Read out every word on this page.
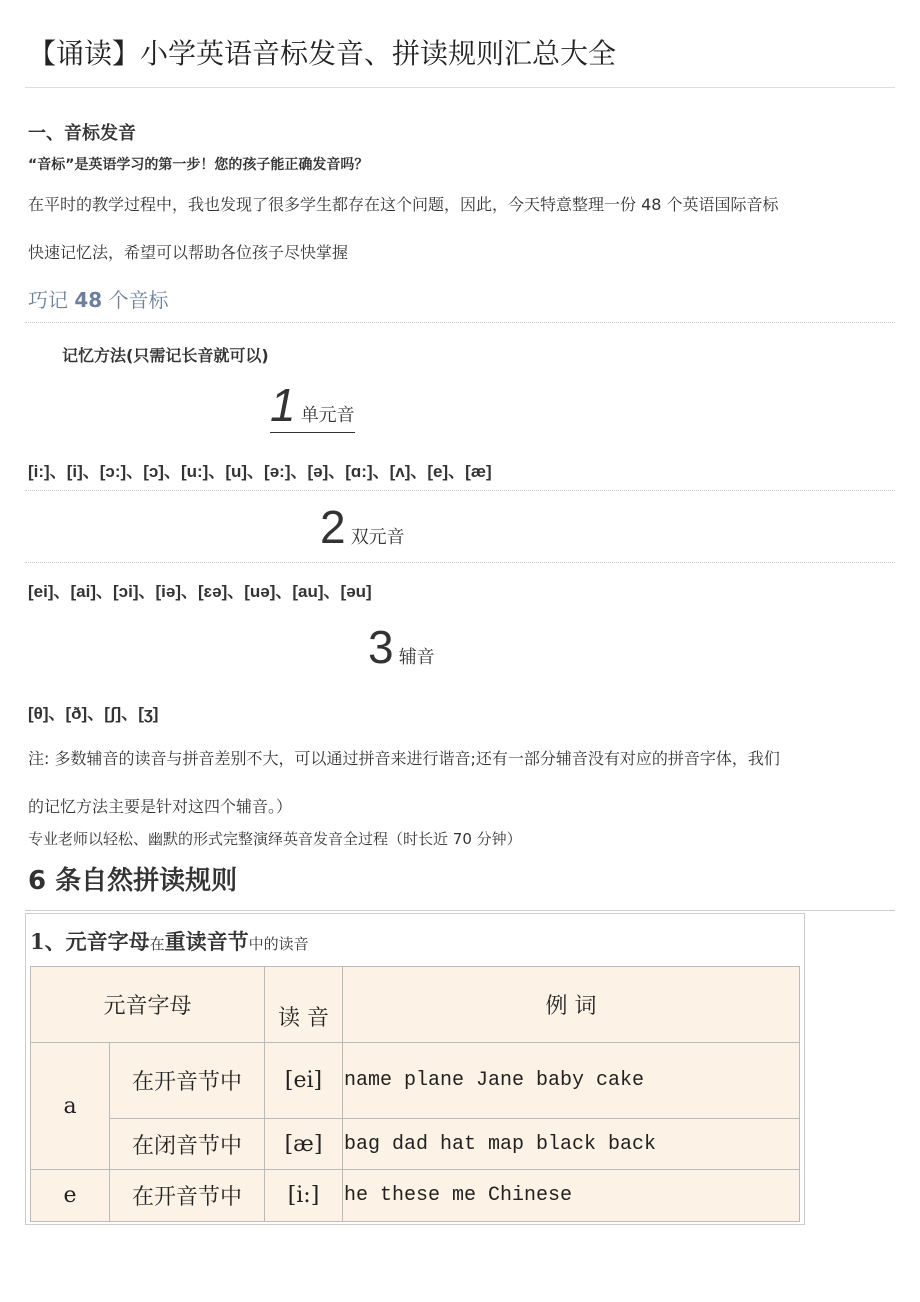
【诵读】小学英语音标发音、拼读规则汇总大全
一、音标发音
“音标”是英语学习的第一步！您的孩子能正确发音吗？
在平时的教学过程中，我也发现了很多学生都存在这个问题，因此，今天特意整理一份 48 个英语国际音标
快速记忆法，希望可以帮助各位孩子尽快掌握
巧记 48 个音标
记忆方法(只需记长音就可以)
1 单元音
[i:]、[i]、[ɔ:]、[ɔ]、[u:]、[u]、[ə:]、[ə]、[ɑ:]、[ʌ]、[e]、[æ]
2 双元音
[ei]、[ai]、[ɔi]、[iə]、[ɛə]、[uə]、[au]、[əu]
3 辅音
[θ]、[ð]、[ʃ]、[ʒ]
注: 多数辅音的读音与拼音差别不大，可以通过拼音来进行谐音;还有一部分辅音没有对应的拼音字体，我们
的记忆方法主要是针对这四个辅音。）
专业老师以轻松、幽默的形式完整演绎英音发音全过程（时长近 70 分钟）
6 条自然拼读规则
1、元音字母在重读音节中的读音
元音字母		读 音	例 词
a	在开音节中	[ei]	name plane Jane baby cake
	在闭音节中	[æ]	bag dad hat map black back
e	在开音节中	[i:]	he these me Chinese
